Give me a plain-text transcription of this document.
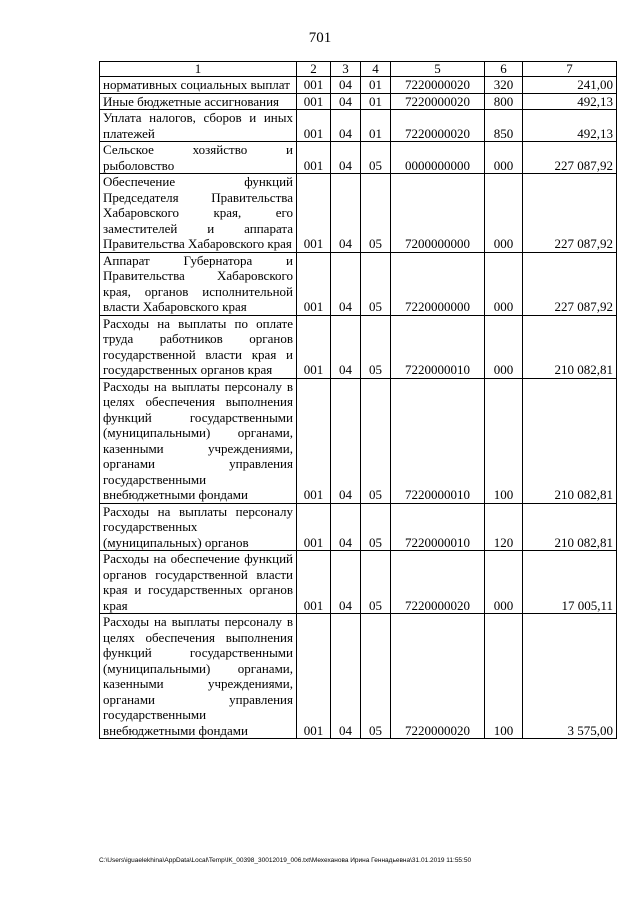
701
1	2	3	4	5	6	7
нормативных социальных выплат	001	04	01	7220000020	320	241,00
Иные бюджетные ассигнования	001	04	01	7220000020	800	492,13
Уплата налогов, сборов и иных платежей	001	04	01	7220000020	850	492,13
Сельское хозяйство и рыболовство	001	04	05	0000000000	000	227 087,92
Обеспечение функций Председателя Правительства Хабаровского края, его заместителей и аппарата Правительства Хабаровского края	001	04	05	7200000000	000	227 087,92
Аппарат Губернатора и Правительства Хабаровского края, органов исполнительной власти Хабаровского края	001	04	05	7220000000	000	227 087,92
Расходы на выплаты по оплате труда работников органов государственной власти края и государственных органов края	001	04	05	7220000010	000	210 082,81
Расходы на выплаты персоналу в целях обеспечения выполнения функций государственными (муниципальными) органами, казенными учреждениями, органами управления государственными внебюджетными фондами	001	04	05	7220000010	100	210 082,81
Расходы на выплаты персоналу государственных (муниципальных) органов	001	04	05	7220000010	120	210 082,81
Расходы на обеспечение функций органов государственной власти края и государственных органов края	001	04	05	7220000020	000	17 005,11
Расходы на выплаты персоналу в целях обеспечения выполнения функций государственными (муниципальными) органами, казенными учреждениями, органами управления государственными внебюджетными фондами	001	04	05	7220000020	100	3 575,00
C:\Users\iguaelekhina\AppData\Local\Temp\IK_00398_30012019_006.txt\Мехеханова Ирина Геннадьевна\31.01.2019 11:55:50
